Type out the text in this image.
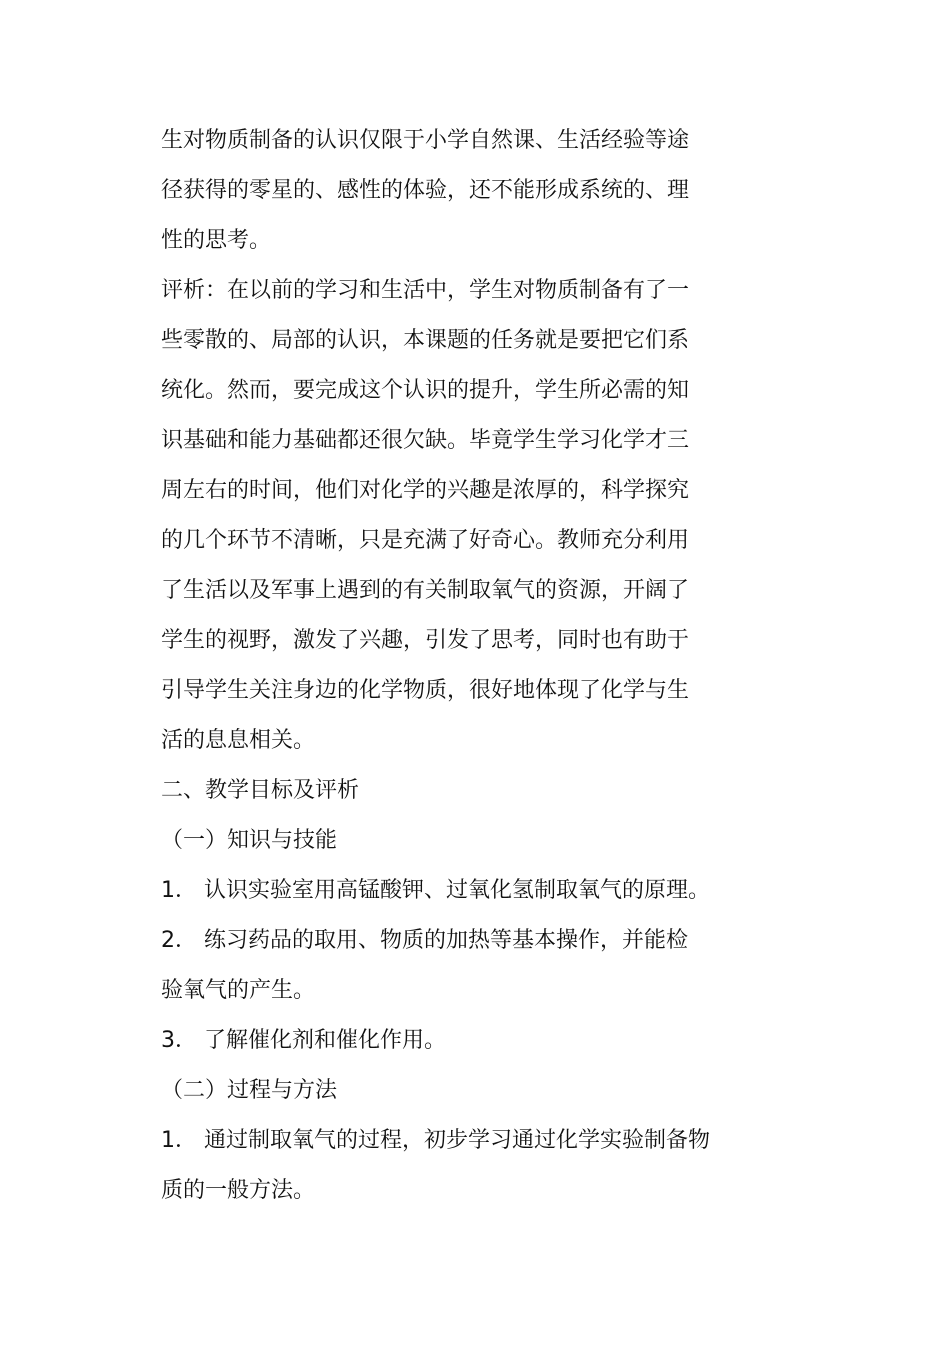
生对物质制备的认识仅限于小学自然课、生活经验等途
径获得的零星的、感性的体验，还不能形成系统的、理
性的思考。

评析：在以前的学习和生活中，学生对物质制备有了一
些零散的、局部的认识，本课题的任务就是要把它们系
统化。然而，要完成这个认识的提升，学生所必需的知
识基础和能力基础都还很欠缺。毕竟学生学习化学才三
周左右的时间，他们对化学的兴趣是浓厚的，科学探究
的几个环节不清晰，只是充满了好奇心。教师充分利用
了生活以及军事上遇到的有关制取氧气的资源，开阔了
学生的视野，激发了兴趣，引发了思考，同时也有助于
引导学生关注身边的化学物质，很好地体现了化学与生
活的息息相关。

二、教学目标及评析

（一）知识与技能

1． 认识实验室用高锰酸钾、过氧化氢制取氧气的原理。

2． 练习药品的取用、物质的加热等基本操作，并能检
验氧气的产生。

3． 了解催化剂和催化作用。

（二）过程与方法

1． 通过制取氧气的过程，初步学习通过化学实验制备物
质的一般方法。
